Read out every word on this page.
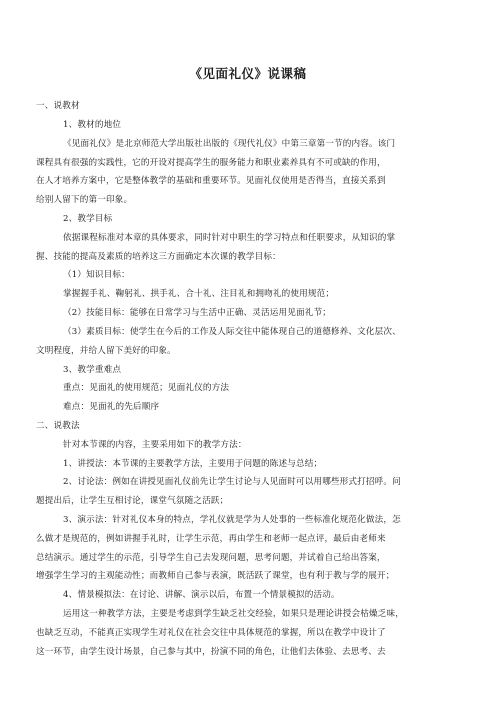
《见面礼仪》说课稿
一、说教材
1、教材的地位
《见面礼仪》是北京师范大学出版社出版的《现代礼仪》中第三章第一节的内容。该门
课程具有很强的实践性，它的开设对提高学生的服务能力和职业素养具有不可或缺的作用，
在人才培养方案中，它是整体教学的基础和重要环节。见面礼仪使用是否得当，直接关系到
给别人留下的第一印象。
2、教学目标
依据课程标准对本章的具体要求，同时针对中职生的学习特点和任职要求，从知识的掌
握、技能的提高及素质的培养这三方面确定本次课的教学目标：
（1）知识目标：
掌握握手礼、鞠躬礼、拱手礼、合十礼、注目礼和拥吻礼的使用规范；
（2）技能目标：能够在日常学习与生活中正确、灵活运用见面礼节；
（3）素质目标：使学生在今后的工作及人际交往中能体现自己的道德修养、文化层次、
文明程度，并给人留下美好的印象。
3、教学重难点
重点：见面礼的使用规范；见面礼仪的方法
难点：见面礼的先后顺序
二、说教法
针对本节课的内容，主要采用如下的教学方法：
1、讲授法：本节课的主要教学方法，主要用于问题的陈述与总结；
2、讨论法：例如在讲授见面礼仪前先让学生讨论与人见面时可以用哪些形式打招呼。问
题提出后，让学生互相讨论，课堂气氛随之活跃；
3、演示法：针对礼仪本身的特点，学礼仪就是学为人处事的一些标准化规范化做法，怎
么做才是规范的，例如讲握手礼时，让学生示范，再由学生和老师一起点评，最后由老师来
总结演示。通过学生的示范，引导学生自己去发现问题，思考问题，并试着自己给出答案，
增强学生学习的主观能动性；而教师自己参与表演，既活跃了课堂，也有利于教与学的展开；
4、情景模拟法：在讨论、讲解、演示以后，布置一个情景模拟的活动。
运用这一种教学方法，主要是考虑到学生缺乏社交经验，如果只是理论讲授会枯燥乏味，
也缺乏互动，不能真正实现学生对礼仪在社会交往中具体规范的掌握，所以在教学中设计了
这一环节，由学生设计场景，自己参与其中，扮演不同的角色，让他们去体验、去思考、去
